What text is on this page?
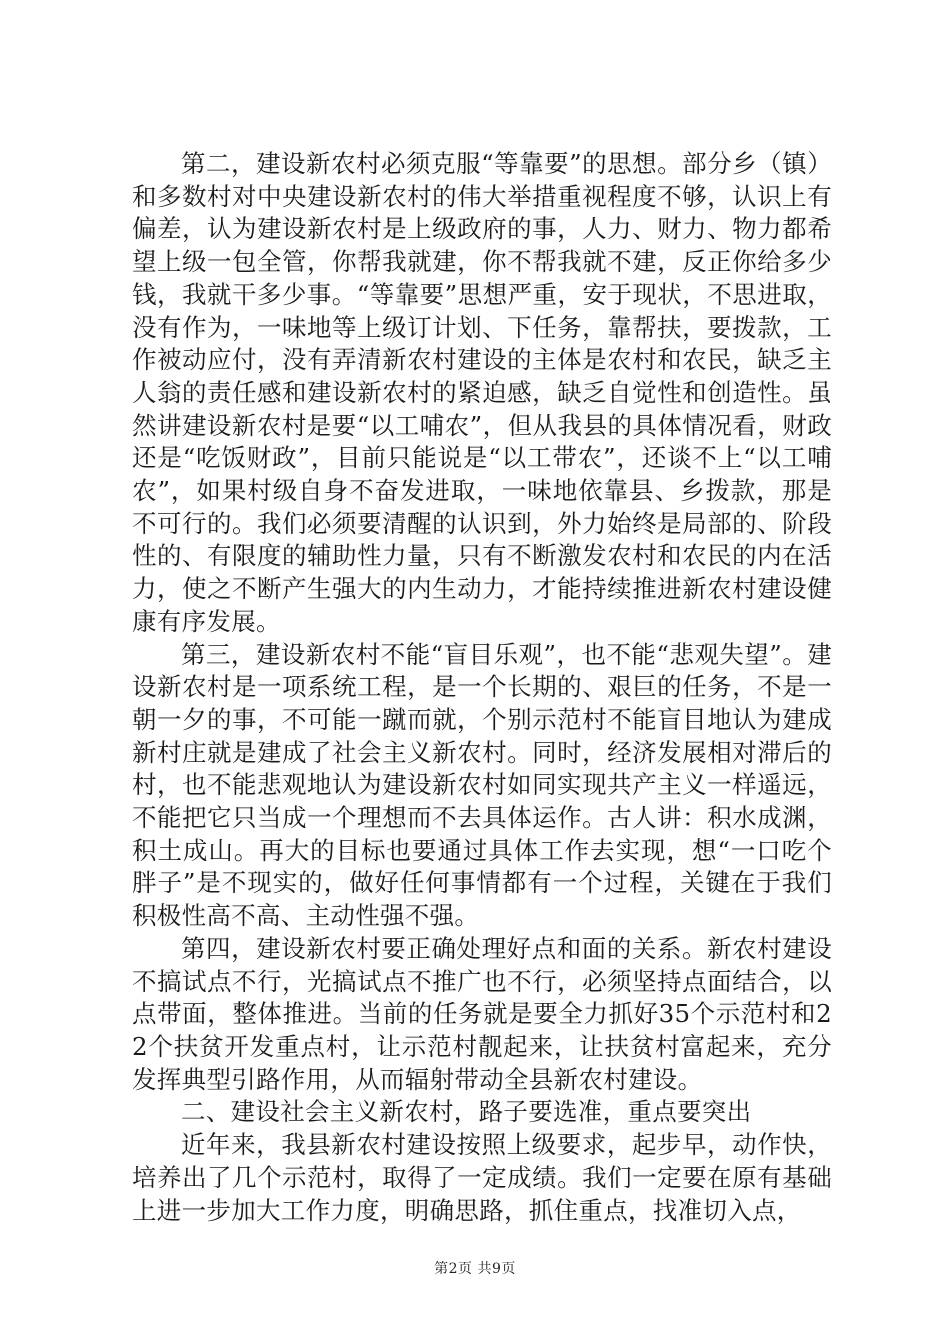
第二，建设新农村必须克服“等靠要”的思想。部分乡（镇）和多数村对中央建设新农村的伟大举措重视程度不够，认识上有偏差，认为建设新农村是上级政府的事，人力、财力、物力都希望上级一包全管，你帮我就建，你不帮我就不建，反正你给多少钱，我就干多少事。“等靠要”思想严重，安于现状，不思进取，没有作为，一味地等上级订计划、下任务，靠帮扶，要拨款，工作被动应付，没有弄清新农村建设的主体是农村和农民，缺乏主人翁的责任感和建设新农村的紧迫感，缺乏自觉性和创造性。虽然讲建设新农村是要“以工哺农”，但从我县的具体情况看，财政还是“吃饭财政”，目前只能说是“以工带农”，还谈不上“以工哺农”，如果村级自身不奋发进取，一味地依靠县、乡拨款，那是不可行的。我们必须要清醒的认识到，外力始终是局部的、阶段性的、有限度的辅助性力量，只有不断激发农村和农民的内在活力，使之不断产生强大的内生动力，才能持续推进新农村建设健康有序发展。

第三，建设新农村不能“盲目乐观”，也不能“悲观失望”。建设新农村是一项系统工程，是一个长期的、艰巨的任务，不是一朝一夕的事，不可能一蹴而就，个别示范村不能盲目地认为建成新村庄就是建成了社会主义新农村。同时，经济发展相对滞后的村，也不能悲观地认为建设新农村如同实现共产主义一样遥远，不能把它只当成一个理想而不去具体运作。古人讲：积水成渊，积土成山。再大的目标也要通过具体工作去实现，想“一口吃个胖子”是不现实的，做好任何事情都有一个过程，关键在于我们积极性高不高、主动性强不强。

第四，建设新农村要正确处理好点和面的关系。新农村建设不搞试点不行，光搞试点不推广也不行，必须坚持点面结合，以点带面，整体推进。当前的任务就是要全力抓好35个示范村和22个扶贫开发重点村，让示范村靓起来，让扶贫村富起来，充分发挥典型引路作用，从而辐射带动全县新农村建设。

二、建设社会主义新农村，路子要选准，重点要突出

近年来，我县新农村建设按照上级要求，起步早，动作快，培养出了几个示范村，取得了一定成绩。我们一定要在原有基础上进一步加大工作力度，明确思路，抓住重点，找准切入点，

第2页 共9页
